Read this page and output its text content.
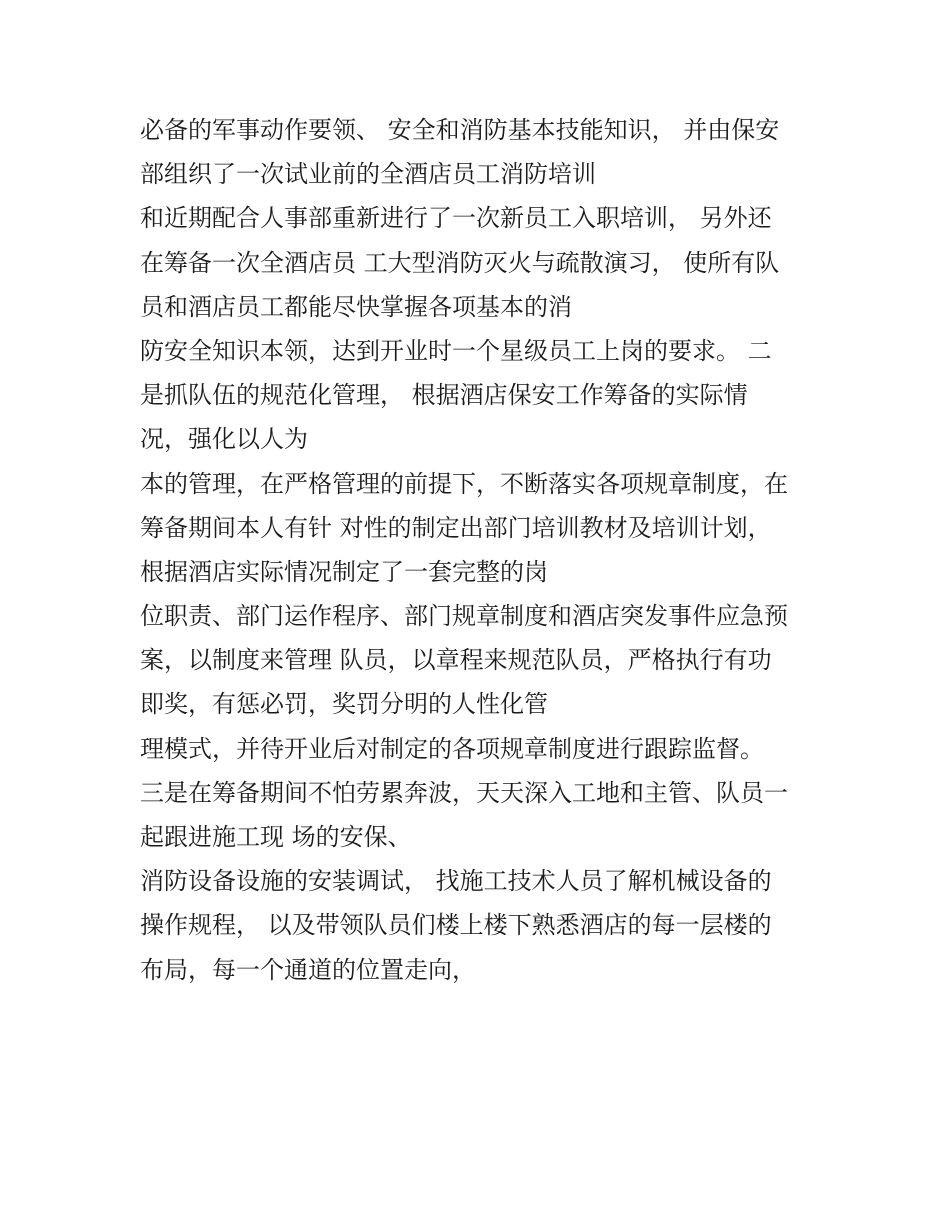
必备的军事动作要领、 安全和消防基本技能知识， 并由保安
部组织了一次试业前的全酒店员工消防培训
和近期配合人事部重新进行了一次新员工入职培训， 另外还
在筹备一次全酒店员 工大型消防灭火与疏散演习， 使所有队
员和酒店员工都能尽快掌握各项基本的消
防安全知识本领，达到开业时一个星级员工上岗的要求。 二
是抓队伍的规范化管理， 根据酒店保安工作筹备的实际情
况，强化以人为
本的管理，在严格管理的前提下，不断落实各项规章制度，在
筹备期间本人有针 对性的制定出部门培训教材及培训计划，
根据酒店实际情况制定了一套完整的岗
位职责、部门运作程序、部门规章制度和酒店突发事件应急预
案，以制度来管理 队员，以章程来规范队员，严格执行有功
即奖，有惩必罚，奖罚分明的人性化管
理模式，并待开业后对制定的各项规章制度进行跟踪监督。
三是在筹备期间不怕劳累奔波，天天深入工地和主管、队员一
起跟进施工现 场的安保、
消防设备设施的安装调试， 找施工技术人员了解机械设备的
操作规程， 以及带领队员们楼上楼下熟悉酒店的每一层楼的
布局，每一个通道的位置走向，
